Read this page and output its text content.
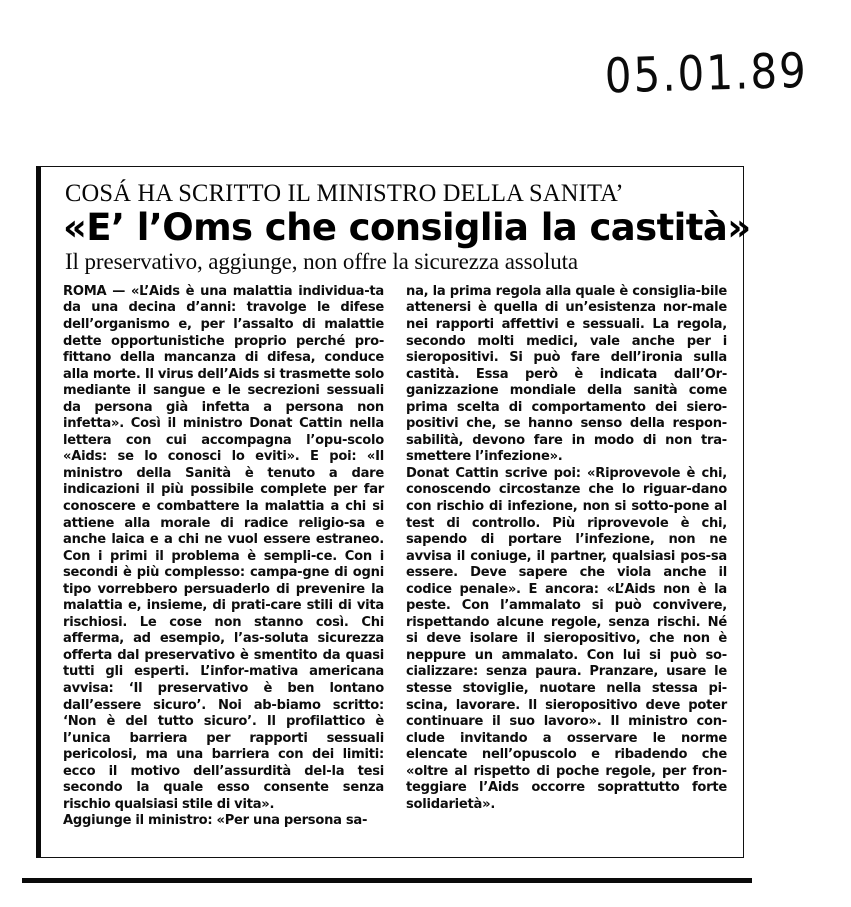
05.01.89
COSÁ HA SCRITTO IL MINISTRO DELLA SANITA’
«E’ l’Oms che consiglia la castità»
Il preservativo, aggiunge, non offre la sicurezza assoluta

ROMA — «L’Aids è una malattia individua-ta da una decina d’anni: travolge le difese dell’organismo e, per l’assalto di malattie dette opportunistiche proprio perché pro-fittano della mancanza di difesa, conduce alla morte. Il virus dell’Aids si trasmette solo mediante il sangue e le secrezioni sessuali da persona già infetta a persona non infetta». Così il ministro Donat Cattin nella lettera con cui accompagna l’opu-scolo «Aids: se lo conosci lo eviti». E poi: «Il ministro della Sanità è tenuto a dare indicazioni il più possibile complete per far conoscere e combattere la malattia a chi si attiene alla morale di radice religio-sa e anche laica e a chi ne vuol essere estraneo. Con i primi il problema è sempli-ce. Con i secondi è più complesso: campa-gne di ogni tipo vorrebbero persuaderlo di prevenire la malattia e, insieme, di prati-care stili di vita rischiosi. Le cose non stanno così. Chi afferma, ad esempio, l’as-soluta sicurezza offerta dal preservativo è smentito da quasi tutti gli esperti. L’infor-mativa americana avvisa: ‘Il preservativo è ben lontano dall’essere sicuro’. Noi ab-biamo scritto: ‘Non è del tutto sicuro’. Il profilattico è l’unica barriera per rapporti sessuali pericolosi, ma una barriera con dei limiti: ecco il motivo dell’assurdità del-la tesi secondo la quale esso consente senza rischio qualsiasi stile di vita».

Aggiunge il ministro: «Per una persona sa-

na, la prima regola alla quale è consiglia-bile attenersi è quella di un’esistenza nor-male nei rapporti affettivi e sessuali. La regola, secondo molti medici, vale anche per i sieropositivi. Si può fare dell’ironia sulla castità. Essa però è indicata dall’Or-ganizzazione mondiale della sanità come prima scelta di comportamento dei siero-positivi che, se hanno senso della respon-sabilità, devono fare in modo di non tra-smettere l’infezione».

Donat Cattin scrive poi: «Riprovevole è chi, conoscendo circostanze che lo riguar-dano con rischio di infezione, non si sotto-pone al test di controllo. Più riprovevole è chi, sapendo di portare l’infezione, non ne avvisa il coniuge, il partner, qualsiasi pos-sa essere. Deve sapere che viola anche il codice penale». E ancora: «L’Aids non è la peste. Con l’ammalato si può convivere, rispettando alcune regole, senza rischi. Né si deve isolare il sieropositivo, che non è neppure un ammalato. Con lui si può so-cializzare: senza paura. Pranzare, usare le stesse stoviglie, nuotare nella stessa pi-scina, lavorare. Il sieropositivo deve poter continuare il suo lavoro». Il ministro con-clude invitando a osservare le norme elencate nell’opuscolo e ribadendo che «oltre al rispetto di poche regole, per fron-teggiare l’Aids occorre soprattutto forte solidarietà».
